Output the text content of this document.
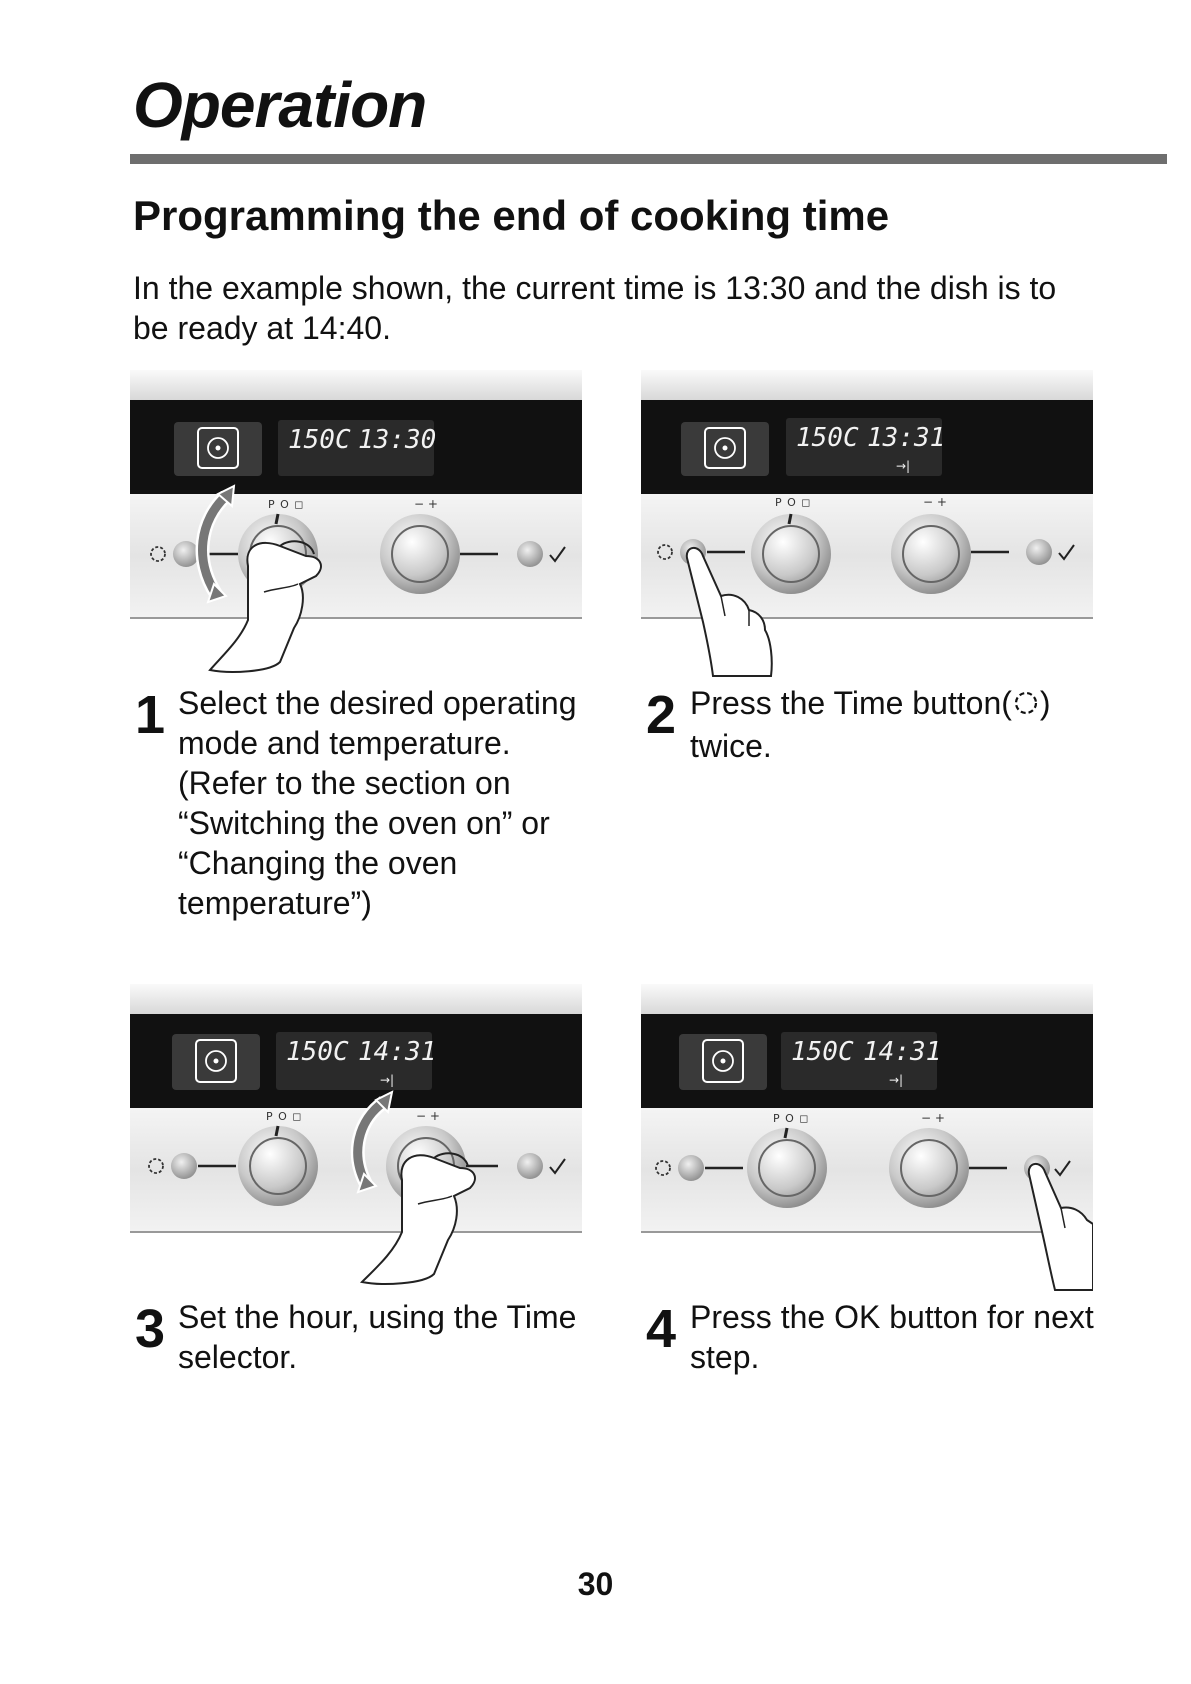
Operation
Programming the end of cooking time

In the example shown, the current time is 13:30 and the dish is to be ready at 14:40.

150C 13:30
P O ◻	− +
1 Select the desired operating mode and temperature. (Refer to the section on “Switching the oven on” or “Changing the oven temperature”)

150C 13:31
→|
P O ◻	− +
2 Press the Time button( ) twice.

150C 14:31
→|
P O ◻	− +
3 Set the hour, using the Time selector.

150C 14:31
→|
P O ◻	− +
4 Press the OK button for next step.

30
